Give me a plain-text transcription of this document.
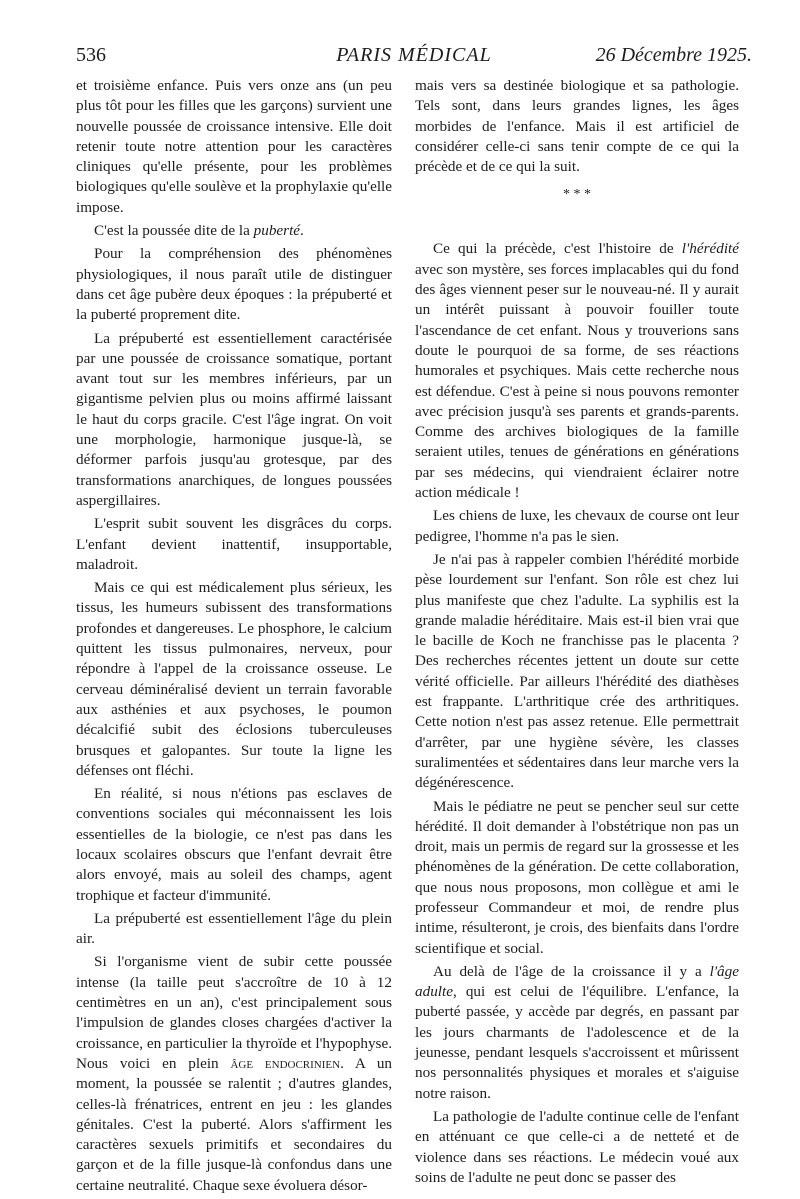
536	PARIS MÉDICAL	26 Décembre 1925.

et troisième enfance. Puis vers onze ans (un peu plus tôt pour les filles que les garçons) survient une nouvelle poussée de croissance intensive. Elle doit retenir toute notre attention pour les caractères cliniques qu'elle présente, pour les problèmes biologiques qu'elle soulève et la prophylaxie qu'elle impose.

C'est la poussée dite de la puberté.

Pour la compréhension des phénomènes physiologiques, il nous paraît utile de distinguer dans cet âge pubère deux époques : la prépuberté et la puberté proprement dite.

La prépuberté est essentiellement caractérisée par une poussée de croissance somatique, portant avant tout sur les membres inférieurs, par un gigantisme pelvien plus ou moins affirmé laissant le haut du corps gracile. C'est l'âge ingrat. On voit une morphologie, harmonique jusque-là, se déformer parfois jusqu'au grotesque, par des transformations anarchiques, de longues poussées aspergillaires.

L'esprit subit souvent les disgrâces du corps. L'enfant devient inattentif, insupportable, maladroit.

Mais ce qui est médicalement plus sérieux, les tissus, les humeurs subissent des transformations profondes et dangereuses. Le phosphore, le calcium quittent les tissus pulmonaires, nerveux, pour répondre à l'appel de la croissance osseuse. Le cerveau déminéralisé devient un terrain favorable aux asthénies et aux psychoses, le poumon décalcifié subit des éclosions tuberculeuses brusques et galopantes. Sur toute la ligne les défenses ont fléchi.

En réalité, si nous n'étions pas esclaves de conventions sociales qui méconnaissent les lois essentielles de la biologie, ce n'est pas dans les locaux scolaires obscurs que l'enfant devrait être alors envoyé, mais au soleil des champs, agent trophique et facteur d'immunité.

La prépuberté est essentiellement l'âge du plein air.

Si l'organisme vient de subir cette poussée intense (la taille peut s'accroître de 10 à 12 centimètres en un an), c'est principalement sous l'impulsion de glandes closes chargées d'activer la croissance, en particulier la thyroïde et l'hypophyse. Nous voici en plein âge endocrinien. A un moment, la poussée se ralentit ; d'autres glandes, celles-là frénatrices, entrent en jeu : les glandes génitales. C'est la puberté. Alors s'affirment les caractères sexuels primitifs et secondaires du garçon et de la fille jusque-là confondus dans une certaine neutralité. Chaque sexe évoluera désor-

mais vers sa destinée biologique et sa pathologie. Tels sont, dans leurs grandes lignes, les âges morbides de l'enfance. Mais il est artificiel de considérer celle-ci sans tenir compte de ce qui la précède et de ce qui la suit.

* * *

Ce qui la précède, c'est l'histoire de l'hérédité avec son mystère, ses forces implacables qui du fond des âges viennent peser sur le nouveau-né. Il y aurait un intérêt puissant à pouvoir fouiller toute l'ascendance de cet enfant. Nous y trouverions sans doute le pourquoi de sa forme, de ses réactions humorales et psychiques. Mais cette recherche nous est défendue. C'est à peine si nous pouvons remonter avec précision jusqu'à ses parents et grands-parents. Comme des archives biologiques de la famille seraient utiles, tenues de générations en générations par ses médecins, qui viendraient éclairer notre action médicale !

Les chiens de luxe, les chevaux de course ont leur pedigree, l'homme n'a pas le sien.

Je n'ai pas à rappeler combien l'hérédité morbide pèse lourdement sur l'enfant. Son rôle est chez lui plus manifeste que chez l'adulte. La syphilis est la grande maladie héréditaire. Mais est-il bien vrai que le bacille de Koch ne franchisse pas le placenta ? Des recherches récentes jettent un doute sur cette vérité officielle. Par ailleurs l'hérédité des diathèses est frappante. L'arthritique crée des arthritiques. Cette notion n'est pas assez retenue. Elle permettrait d'arrêter, par une hygiène sévère, les classes suralimentées et sédentaires dans leur marche vers la dégénérescence.

Mais le pédiatre ne peut se pencher seul sur cette hérédité. Il doit demander à l'obstétrique non pas un droit, mais un permis de regard sur la grossesse et les phénomènes de la génération. De cette collaboration, que nous nous proposons, mon collègue et ami le professeur Commandeur et moi, de rendre plus intime, résulteront, je crois, des bienfaits dans l'ordre scientifique et social.

Au delà de l'âge de la croissance il y a l'âge adulte, qui est celui de l'équilibre. L'enfance, la puberté passée, y accède par degrés, en passant par les jours charmants de l'adolescence et de la jeunesse, pendant lesquels s'accroissent et mûrissent nos personnalités physiques et morales et s'aiguise notre raison.

La pathologie de l'adulte continue celle de l'enfant en atténuant ce que celle-ci a de netteté et de violence dans ses réactions. Le médecin voué aux soins de l'adulte ne peut donc se passer des
